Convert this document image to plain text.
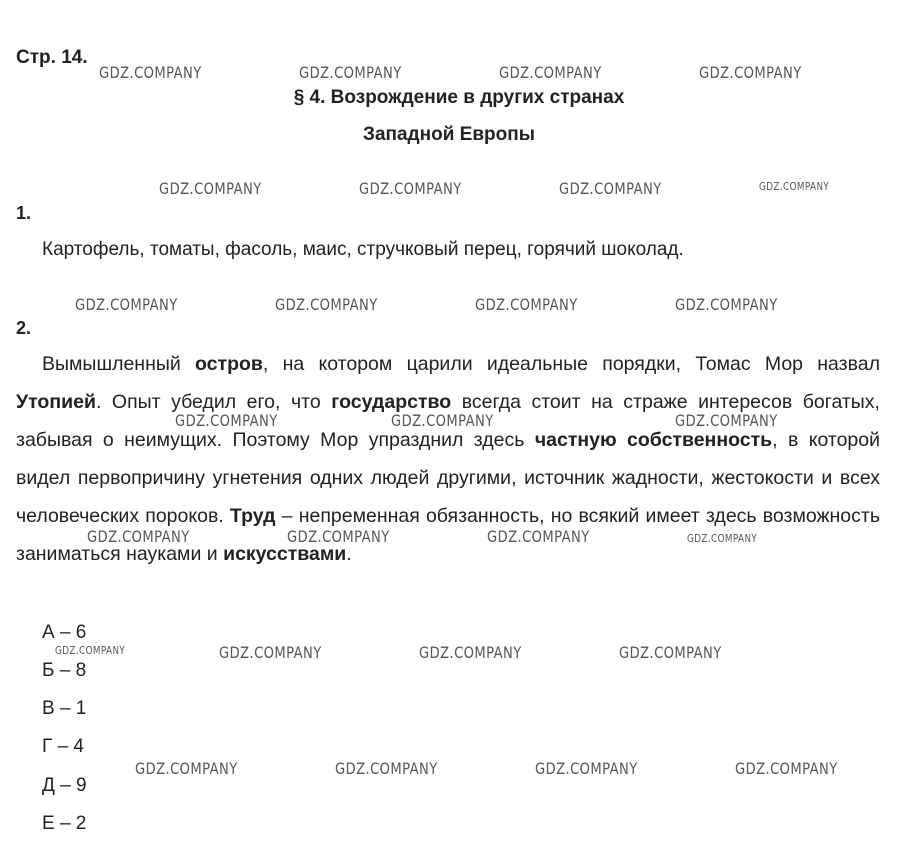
Стр. 14.
§ 4. Возрождение в других странах
Западной Европы
1.
Картофель, томаты, фасоль, маис, стручковый перец, горячий шоколад.
2.
Вымышленный остров, на котором царили идеальные порядки, Томас Мор назвал Утопией. Опыт убедил его, что государство всегда стоит на страже интересов богатых, забывая о неимущих. Поэтому Мор упразднил здесь частную собственность, в которой видел первопричину угнетения одних людей другими, источник жадности, жестокости и всех человеческих пороков. Труд – непременная обязанность, но всякий имеет здесь возможность заниматься науками и искусствами.
А – 6
Б – 8
В – 1
Г – 4
Д – 9
Е – 2
GDZ.COMPANY	GDZ.COMPANY	GDZ.COMPANY	GDZ.COMPANY
GDZ.COMPANY	GDZ.COMPANY	GDZ.COMPANY	GDZ.COMPANY
GDZ.COMPANY	GDZ.COMPANY	GDZ.COMPANY	GDZ.COMPANY
GDZ.COMPANY	GDZ.COMPANY	GDZ.COMPANY
GDZ.COMPANY	GDZ.COMPANY	GDZ.COMPANY	GDZ.COMPANY
GDZ.COMPANY	GDZ.COMPANY	GDZ.COMPANY	GDZ.COMPANY
GDZ.COMPANY	GDZ.COMPANY	GDZ.COMPANY	GDZ.COMPANY
